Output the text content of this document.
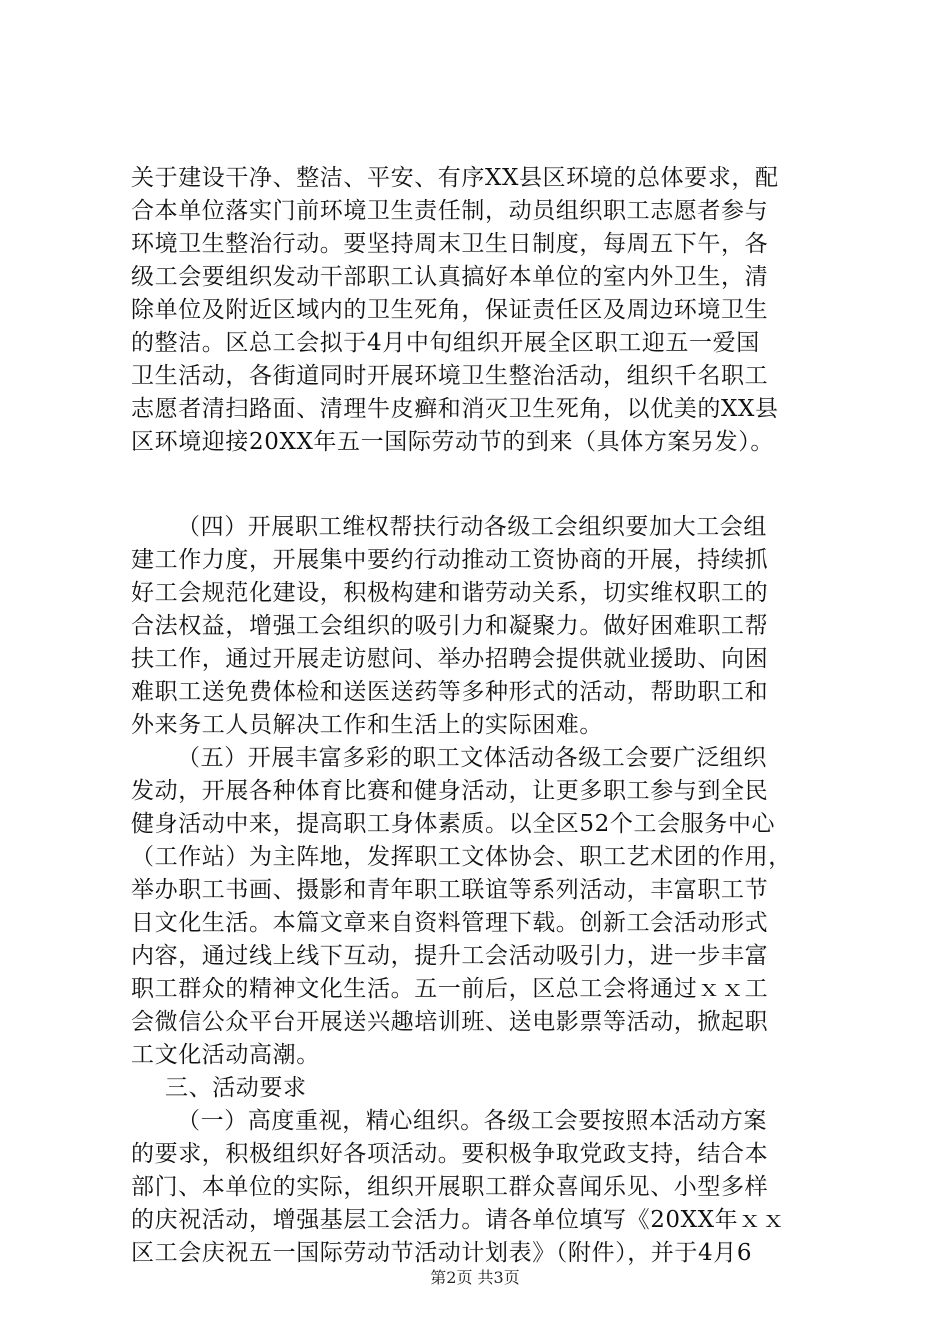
关于建设干净、整洁、平安、有序XX县区环境的总体要求，配
合本单位落实门前环境卫生责任制，动员组织职工志愿者参与
环境卫生整治行动。要坚持周末卫生日制度，每周五下午，各
级工会要组织发动干部职工认真搞好本单位的室内外卫生，清
除单位及附近区域内的卫生死角，保证责任区及周边环境卫生
的整洁。区总工会拟于4月中旬组织开展全区职工迎五一爱国
卫生活动，各街道同时开展环境卫生整治活动，组织千名职工
志愿者清扫路面、清理牛皮癣和消灭卫生死角，以优美的XX县
区环境迎接20XX年五一国际劳动节的到来（具体方案另发）。
（四）开展职工维权帮扶行动各级工会组织要加大工会组
建工作力度，开展集中要约行动推动工资协商的开展，持续抓
好工会规范化建设，积极构建和谐劳动关系，切实维权职工的
合法权益，增强工会组织的吸引力和凝聚力。做好困难职工帮
扶工作，通过开展走访慰问、举办招聘会提供就业援助、向困
难职工送免费体检和送医送药等多种形式的活动，帮助职工和
外来务工人员解决工作和生活上的实际困难。
（五）开展丰富多彩的职工文体活动各级工会要广泛组织
发动，开展各种体育比赛和健身活动，让更多职工参与到全民
健身活动中来，提高职工身体素质。以全区52个工会服务中心
（工作站）为主阵地，发挥职工文体协会、职工艺术团的作用，
举办职工书画、摄影和青年职工联谊等系列活动，丰富职工节
日文化生活。本篇文章来自资料管理下载。创新工会活动形式
内容，通过线上线下互动，提升工会活动吸引力，进一步丰富
职工群众的精神文化生活。五一前后，区总工会将通过ｘｘ工
会微信公众平台开展送兴趣培训班、送电影票等活动，掀起职
工文化活动高潮。
三、活动要求
（一）高度重视，精心组织。各级工会要按照本活动方案
的要求，积极组织好各项活动。要积极争取党政支持，结合本
部门、本单位的实际，组织开展职工群众喜闻乐见、小型多样
的庆祝活动，增强基层工会活力。请各单位填写《20XX年ｘｘ
区工会庆祝五一国际劳动节活动计划表》（附件），并于4月6
第2页 共3页
